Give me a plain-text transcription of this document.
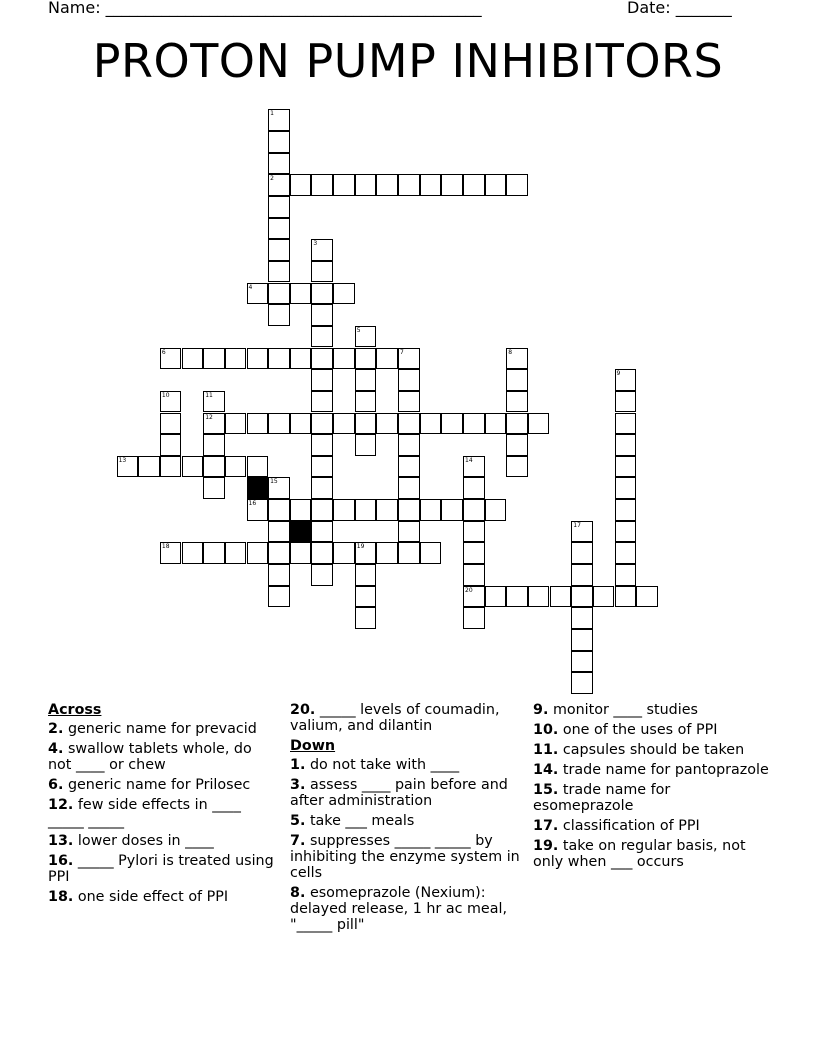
Name: _______________________________________________	Date: _______
PROTON PUMP INHIBITORS
1
2
3
4
5
6	7	8
9
10	11
12
13	14
20
15
16
17
18	19
Across
2. generic name for prevacid
4. swallow tablets whole, do not ____ or chew
6. generic name for Prilosec
12. few side effects in ____ _____ _____
13. lower doses in ____
16. _____ Pylori is treated using PPI
18. one side effect of PPI
20. _____ levels of coumadin, valium, and dilantin
Down
1. do not take with ____
3. assess ____ pain before and after administration
5. take ___ meals
7. suppresses _____ _____ by inhibiting the enzyme system in cells
8. esomeprazole (Nexium): delayed release, 1 hr ac meal, "_____ pill"
9. monitor ____ studies
10. one of the uses of PPI
11. capsules should be taken
14. trade name for pantoprazole
15. trade name for esomeprazole
17. classification of PPI
19. take on regular basis, not only when ___ occurs
